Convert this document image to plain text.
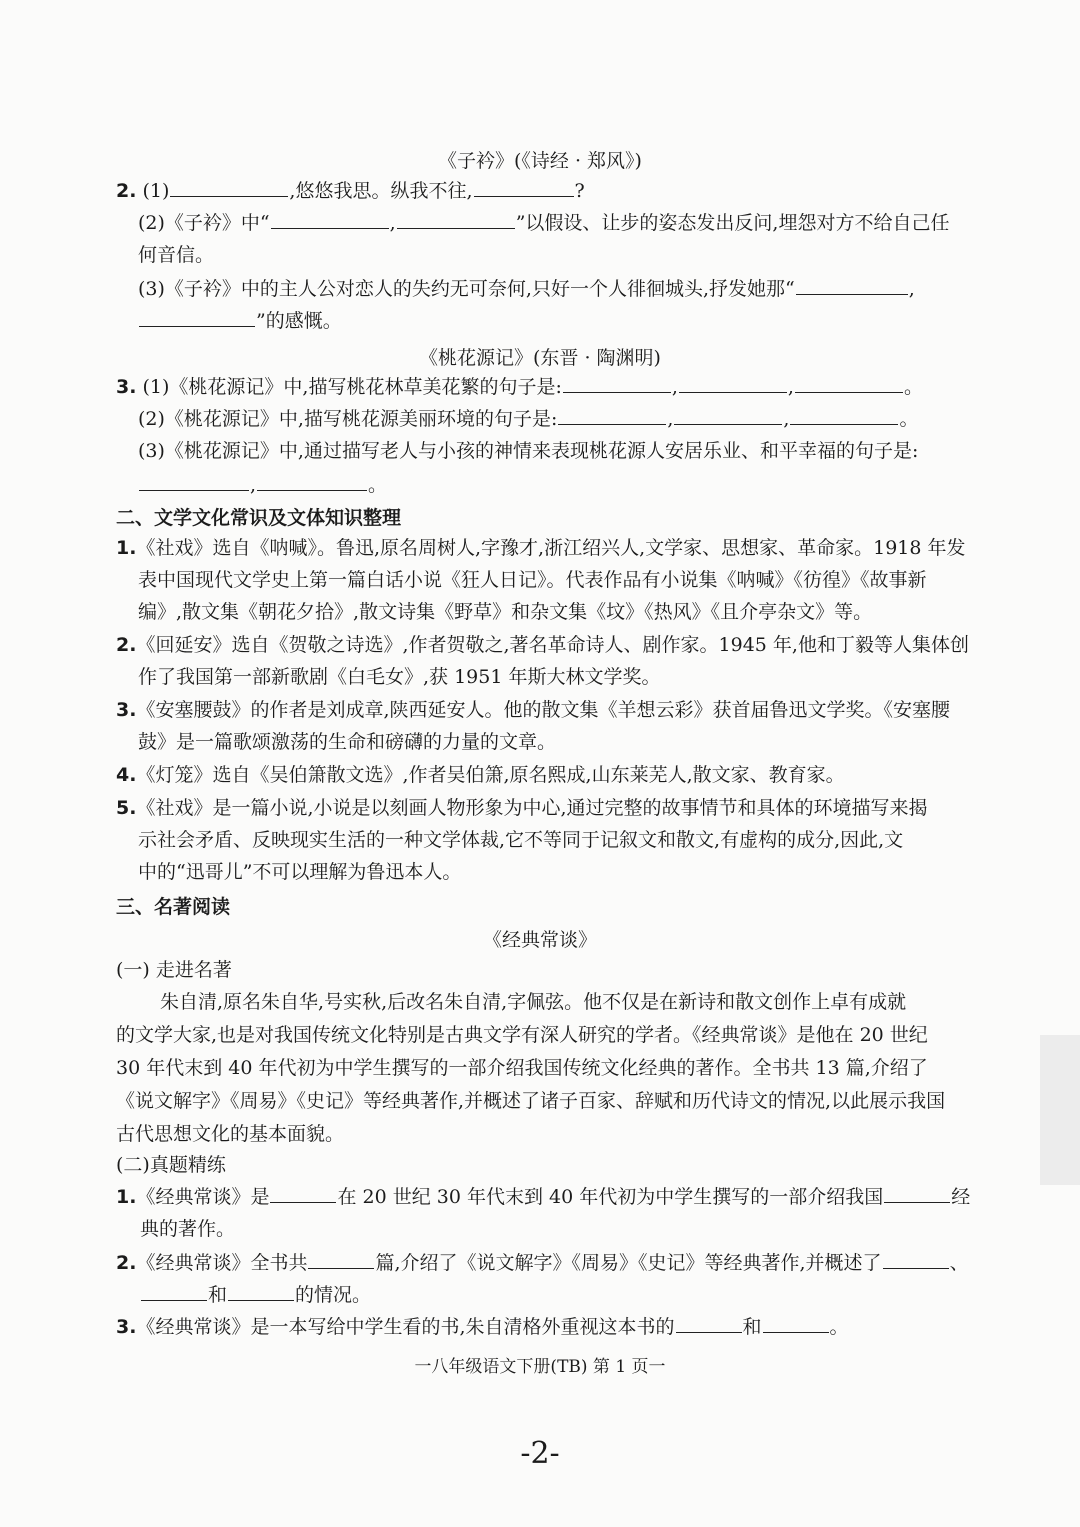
《子衿》(《诗经 · 郑风》)
2. (1)	,悠悠我思。纵我不往,	?
(2)《子衿》中“	,	”以假设、让步的姿态发出反问,埋怨对方不给自己任
何音信。
(3)《子衿》中的主人公对恋人的失约无可奈何,只好一个人徘徊城头,抒发她那“	,
”的感慨。
《桃花源记》(东晋 · 陶渊明)
3. (1)《桃花源记》中,描写桃花林草美花繁的句子是:	,	,	。
(2)《桃花源记》中,描写桃花源美丽环境的句子是:	,	,	。
(3)《桃花源记》中,通过描写老人与小孩的神情来表现桃花源人安居乐业、和平幸福的句子是:
,	。
二、文学文化常识及文体知识整理
1.《社戏》选自《呐喊》。鲁迅,原名周树人,字豫才,浙江绍兴人,文学家、思想家、革命家。1918 年发
表中国现代文学史上第一篇白话小说《狂人日记》。代表作品有小说集《呐喊》《彷徨》《故事新
编》,散文集《朝花夕拾》,散文诗集《野草》和杂文集《坟》《热风》《且介亭杂文》等。
2.《回延安》选自《贺敬之诗选》,作者贺敬之,著名革命诗人、剧作家。1945 年,他和丁毅等人集体创
作了我国第一部新歌剧《白毛女》,获 1951 年斯大林文学奖。
3.《安塞腰鼓》的作者是刘成章,陕西延安人。他的散文集《羊想云彩》获首届鲁迅文学奖。《安塞腰
鼓》是一篇歌颂激荡的生命和磅礴的力量的文章。
4.《灯笼》选自《吴伯箫散文选》,作者吴伯箫,原名熙成,山东莱芜人,散文家、教育家。
5.《社戏》是一篇小说,小说是以刻画人物形象为中心,通过完整的故事情节和具体的环境描写来揭
示社会矛盾、反映现实生活的一种文学体裁,它不等同于记叙文和散文,有虚构的成分,因此,文
中的“迅哥儿”不可以理解为鲁迅本人。
三、名著阅读
《经典常谈》
(一) 走进名著
朱自清,原名朱自华,号实秋,后改名朱自清,字佩弦。他不仅是在新诗和散文创作上卓有成就
的文学大家,也是对我国传统文化特别是古典文学有深人研究的学者。《经典常谈》是他在 20 世纪
30 年代末到 40 年代初为中学生撰写的一部介绍我国传统文化经典的著作。全书共 13 篇,介绍了
《说文解字》《周易》《史记》等经典著作,并概述了诸子百家、辞赋和历代诗文的情况,以此展示我国
古代思想文化的基本面貌。
(二)真题精练
1.《经典常谈》是	在 20 世纪 30 年代末到 40 年代初为中学生撰写的一部介绍我国	经
典的著作。
2.《经典常谈》全书共	篇,介绍了《说文解字》《周易》《史记》等经典著作,并概述了	、
和	的情况。
3.《经典常谈》是一本写给中学生看的书,朱自清格外重视这本书的	和	。
一八年级语文下册(TB) 第 1 页一
-2-
